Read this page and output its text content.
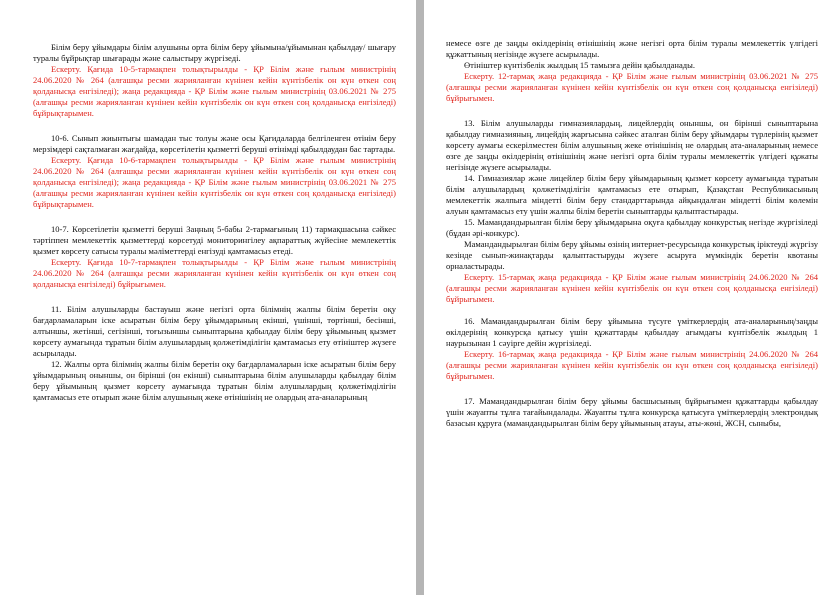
Білім беру ұйымдары білім алушыны орта білім беру ұйымына/ұйымынан қабылдау/ шығару туралы бұйрықтар шығарады және салыстыру жүргізеді.

Ескерту. Қағида 10-5-тармақпен толықтырылды - ҚР Білім және ғылым министрінің 24.06.2020 № 264 (алғашқы ресми жарияланған күнінен кейін күнтізбелік он күн өткен соң қолданысқа енгізіледі); жаңа редакцияда - ҚР Білім және ғылым министрінің 03.06.2021 № 275 (алғашқы ресми жарияланған күнінен кейін күнтізбелік он күн өткен соң қолданысқа енгізіледі) бұйрықтарымен.

10-6. Сынып жиынтығы шамадан тыс толуы және осы Қағидаларда белгіленген өтінім беру мерзімдері сақталмаған жағдайда, көрсетілетін қызметті беруші өтінімді қабылдаудан бас тартады.

Ескерту. Қағида 10-6-тармақпен толықтырылды - ҚР Білім және ғылым министрінің 24.06.2020 № 264 (алғашқы ресми жарияланған күнінен кейін күнтізбелік он күн өткен соң қолданысқа енгізіледі); жаңа редакцияда - ҚР Білім және ғылым министрінің 03.06.2021 № 275 (алғашқы ресми жарияланған күнінен кейін күнтізбелік он күн өткен соң қолданысқа енгізіледі) бұйрықтарымен.

10-7. Көрсетілетін қызметті беруші Заңның 5-бабы 2-тармағының 11) тармақшасына сәйкес тәртіппен мемлекеттік қызметтерді көрсетуді мониторингілеу ақпараттық жүйесіне мемлекеттік қызмет көрсету сатысы туралы мәліметтерді енгізуді қамтамасыз етеді.

Ескерту. Қағида 10-7-тармақпен толықтырылды - ҚР Білім және ғылым министрінің 24.06.2020 № 264 (алғашқы ресми жарияланған күнінен кейін күнтізбелік он күн өткен соң қолданысқа енгізіледі) бұйрығымен.

11. Білім алушыларды бастауыш және негізгі орта білімнің жалпы білім беретін оқу бағдарламаларын іске асыратын білім беру ұйымдарының екінші, үшінші, төртінші, бесінші, алтыншы, жетінші, сегізінші, тоғызыншы сыныптарына қабылдау білім беру ұйымының қызмет көрсету аумағында тұратын білім алушылардың қолжетімділігін қамтамасыз ету өтініштер жүзеге асырылады.

12. Жалпы орта білімнің жалпы білім беретін оқу бағдарламаларын іске асыратын білім беру ұйымдарының оныншы, он бірінші (он екінші) сыныптарына білім алушыларды қабылдау білім беру ұйымының қызмет көрсету аумағында тұратын білім алушылардың қолжетімділігін қамтамасыз ете отырып және білім алушының жеке өтінішінің не олардың ата-аналарының

немесе өзге де заңды өкілдерінің өтінішінің және негізгі орта білім туралы мемлекеттік үлгідегі құжаттының негізінде жүзеге асырылады.

Өтініштер күнтізбелік жылдың 15 тамызға дейін қабылданады.

Ескерту. 12-тармақ жаңа редакцияда - ҚР Білім және ғылым министрінің 03.06.2021 № 275 (алғашқы ресми жарияланған күнінен кейін күнтізбелік он күн өткен соң қолданысқа енгізіледі) бұйрығымен.

13. Білім алушыларды гимназиялардың, лицейлердің оныншы, он бірінші сыныптарына қабылдау гимназияның, лицейдің жарғысына сәйкес аталған білім беру ұйымдары түрлерінің қызмет көрсету аумағы ескерілместен білім алушының жеке өтінішінің не олардың ата-аналарының немесе өзге де заңды өкілдерінің өтінішінің және негізгі орта білім туралы мемлекеттік үлгідегі құжаты негізінде жүзеге асырылады.

14. Гимназиялар және лицейлер білім беру ұйымдарының қызмет көрсету аумағында тұратын білім алушылардың қолжетімділігін қамтамасыз ете отырып, Қазақстан Республикасының мемлекеттік жалпыға міндетті білім беру стандарттарында айқындалған міндетті білім көлемін алуын қамтамасыз ету үшін жалпы білім беретін сыныптарды қалыптастырады.

15. Мамандандырылған білім беру ұйымдарына оқуға қабылдау конкурстық негізде жүргізіледі (бұдан әрі-конкурс).

Мамандандырылған білім беру ұйымы өзінің интернет-ресурсында конкурстық іріктеуді жүргізу кезінде сынып-жинақтарды қалыптастыруды жүзеге асыруға мүмкіндік беретін квотаны орналастырады.

Ескерту. 15-тармақ жаңа редакцияда - ҚР Білім және ғылым министрінің 24.06.2020 № 264 (алғашқы ресми жарияланған күнінен кейін күнтізбелік он күн өткен соң қолданысқа енгізіледі) бұйрығымен.

16. Мамандандырылған білім беру ұйымына түсуге үміткерлердің ата-аналарының/заңды өкілдерінің конкурсқа қатысу үшін құжаттарды қабылдау ағымдағы күнтізбелік жылдың 1 наурызынан 1 сәуірге дейін жүргізіледі.

Ескерту. 16-тармақ жаңа редакцияда - ҚР Білім және ғылым министрінің 24.06.2020 № 264 (алғашқы ресми жарияланған күнінен кейін күнтізбелік он күн өткен соң қолданысқа енгізіледі) бұйрығымен.

17. Мамандандырылған білім беру ұйымы басшысының бұйрығымен құжаттарды қабылдау үшін жауапты тұлға тағайындалады. Жауапты тұлға конкурсқа қатысуға үміткерлердің электрондық базасын құруға (мамандандырылған білім беру ұйымының атауы, аты-жөні, ЖСН, сыныбы,
